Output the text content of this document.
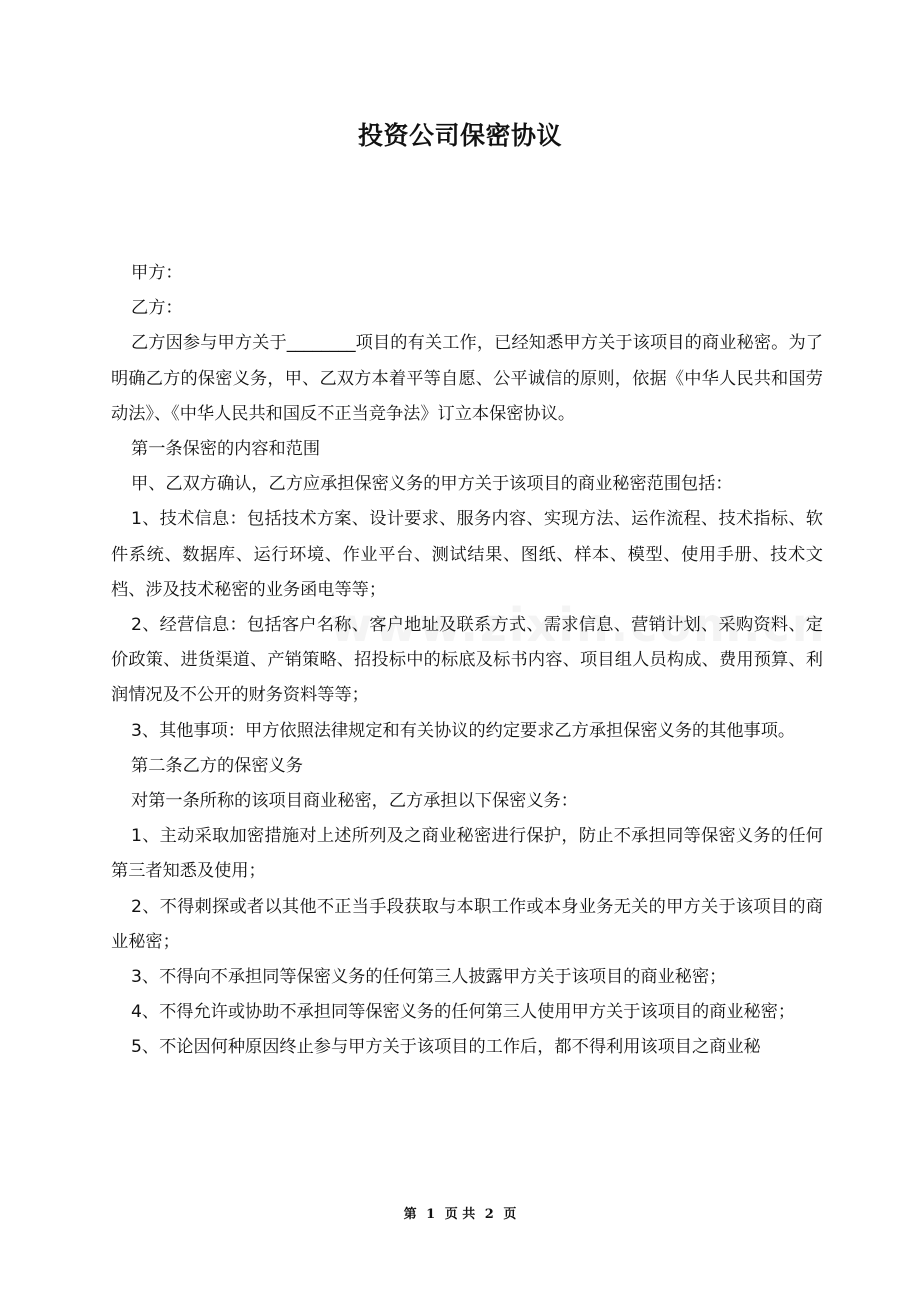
投资公司保密协议

甲方：

乙方：

乙方因参与甲方关于________项目的有关工作，已经知悉甲方关于该项目的商业秘密。为了明确乙方的保密义务，甲、乙双方本着平等自愿、公平诚信的原则，依据《中华人民共和国劳动法》、《中华人民共和国反不正当竞争法》订立本保密协议。

第一条保密的内容和范围

甲、乙双方确认，乙方应承担保密义务的甲方关于该项目的商业秘密范围包括：

1、技术信息：包括技术方案、设计要求、服务内容、实现方法、运作流程、技术指标、软件系统、数据库、运行环境、作业平台、测试结果、图纸、样本、模型、使用手册、技术文档、涉及技术秘密的业务函电等等；

2、经营信息：包括客户名称、客户地址及联系方式、需求信息、营销计划、采购资料、定价政策、进货渠道、产销策略、招投标中的标底及标书内容、项目组人员构成、费用预算、利润情况及不公开的财务资料等等；

3、其他事项：甲方依照法律规定和有关协议的约定要求乙方承担保密义务的其他事项。

第二条乙方的保密义务

对第一条所称的该项目商业秘密，乙方承担以下保密义务：

1、主动采取加密措施对上述所列及之商业秘密进行保护，防止不承担同等保密义务的任何第三者知悉及使用；

2、不得刺探或者以其他不正当手段获取与本职工作或本身业务无关的甲方关于该项目的商业秘密；

3、不得向不承担同等保密义务的任何第三人披露甲方关于该项目的商业秘密；

4、不得允许或协助不承担同等保密义务的任何第三人使用甲方关于该项目的商业秘密；

5、不论因何种原因终止参与甲方关于该项目的工作后，都不得利用该项目之商业秘

第 1 页 共 2 页
